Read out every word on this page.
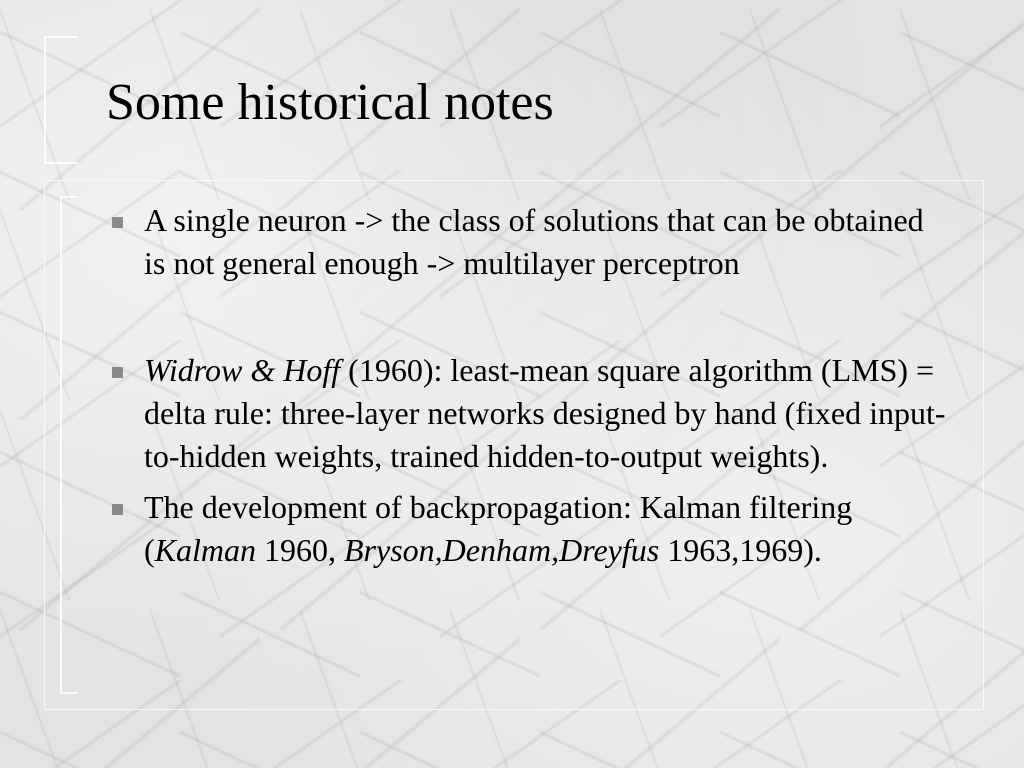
Some historical notes
A single neuron -> the class of solutions that can be obtained is not general enough -> multilayer perceptron
Widrow & Hoff (1960): least-mean square algorithm (LMS) = delta rule: three-layer networks designed by hand (fixed input-to-hidden weights, trained hidden-to-output weights).
The development of backpropagation: Kalman filtering (Kalman 1960, Bryson,Denham,Dreyfus 1963,1969).
